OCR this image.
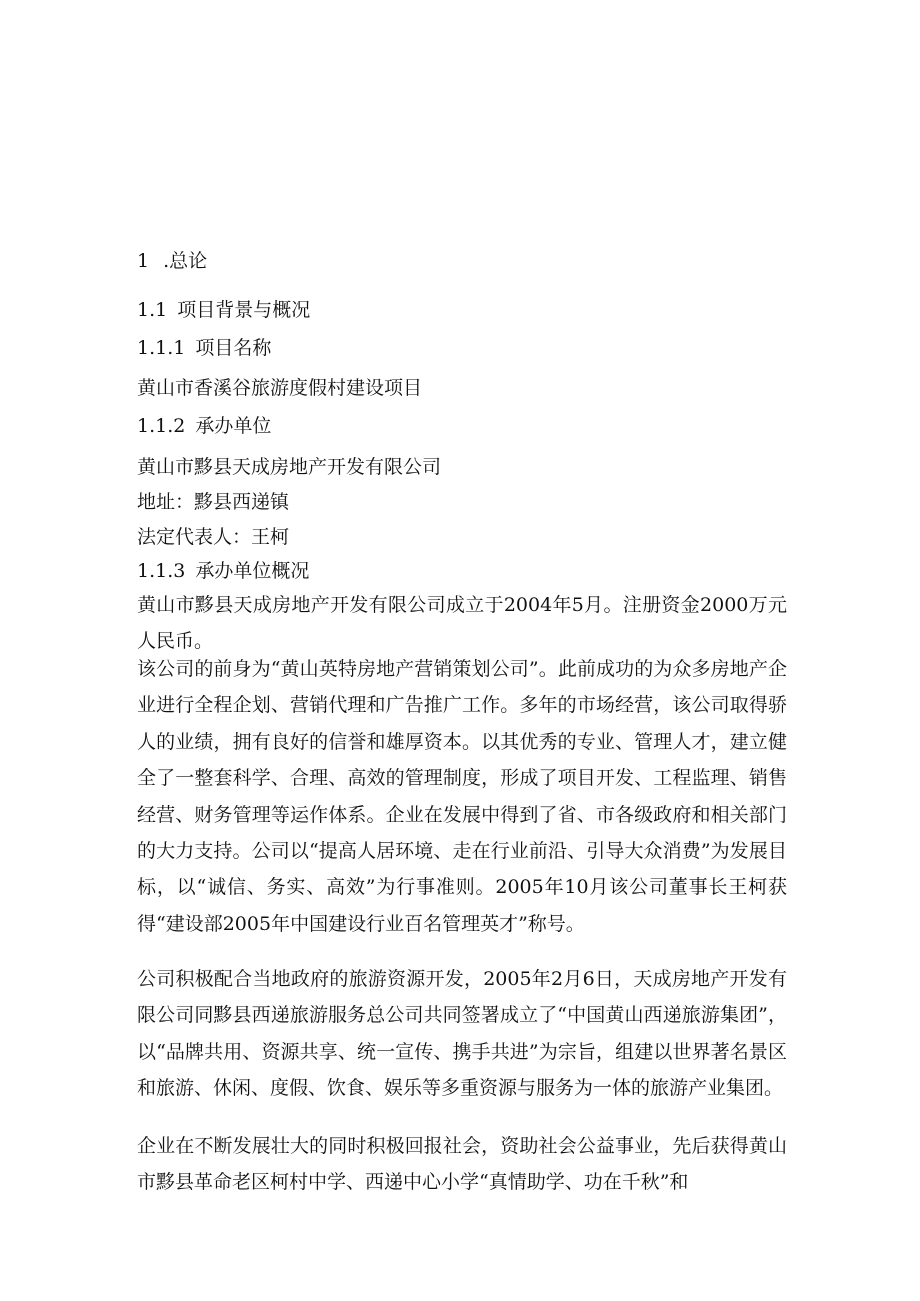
1 .总论

1.1 项目背景与概况

1.1.1 项目名称

黄山市香溪谷旅游度假村建设项目

1.1.2 承办单位

黄山市黟县天成房地产开发有限公司

地址：黟县西递镇

法定代表人：王柯

1.1.3 承办单位概况

黄山市黟县天成房地产开发有限公司成立于2004年5月。注册资金2000万元人民币。

该公司的前身为“黄山英特房地产营销策划公司”。此前成功的为众多房地产企业进行全程企划、营销代理和广告推广工作。多年的市场经营，该公司取得骄人的业绩，拥有良好的信誉和雄厚资本。以其优秀的专业、管理人才，建立健全了一整套科学、合理、高效的管理制度，形成了项目开发、工程监理、销售经营、财务管理等运作体系。企业在发展中得到了省、市各级政府和相关部门的大力支持。公司以“提高人居环境、走在行业前沿、引导大众消费”为发展目标，以“诚信、务实、高效”为行事准则。2005年10月该公司董事长王柯获得“建设部2005年中国建设行业百名管理英才”称号。

公司积极配合当地政府的旅游资源开发，2005年2月6日，天成房地产开发有限公司同黟县西递旅游服务总公司共同签署成立了“中国黄山西递旅游集团”，以“品牌共用、资源共享、统一宣传、携手共进”为宗旨，组建以世界著名景区和旅游、休闲、度假、饮食、娱乐等多重资源与服务为一体的旅游产业集团。

企业在不断发展壮大的同时积极回报社会，资助社会公益事业，先后获得黄山市黟县革命老区柯村中学、西递中心小学“真情助学、功在千秋”和
